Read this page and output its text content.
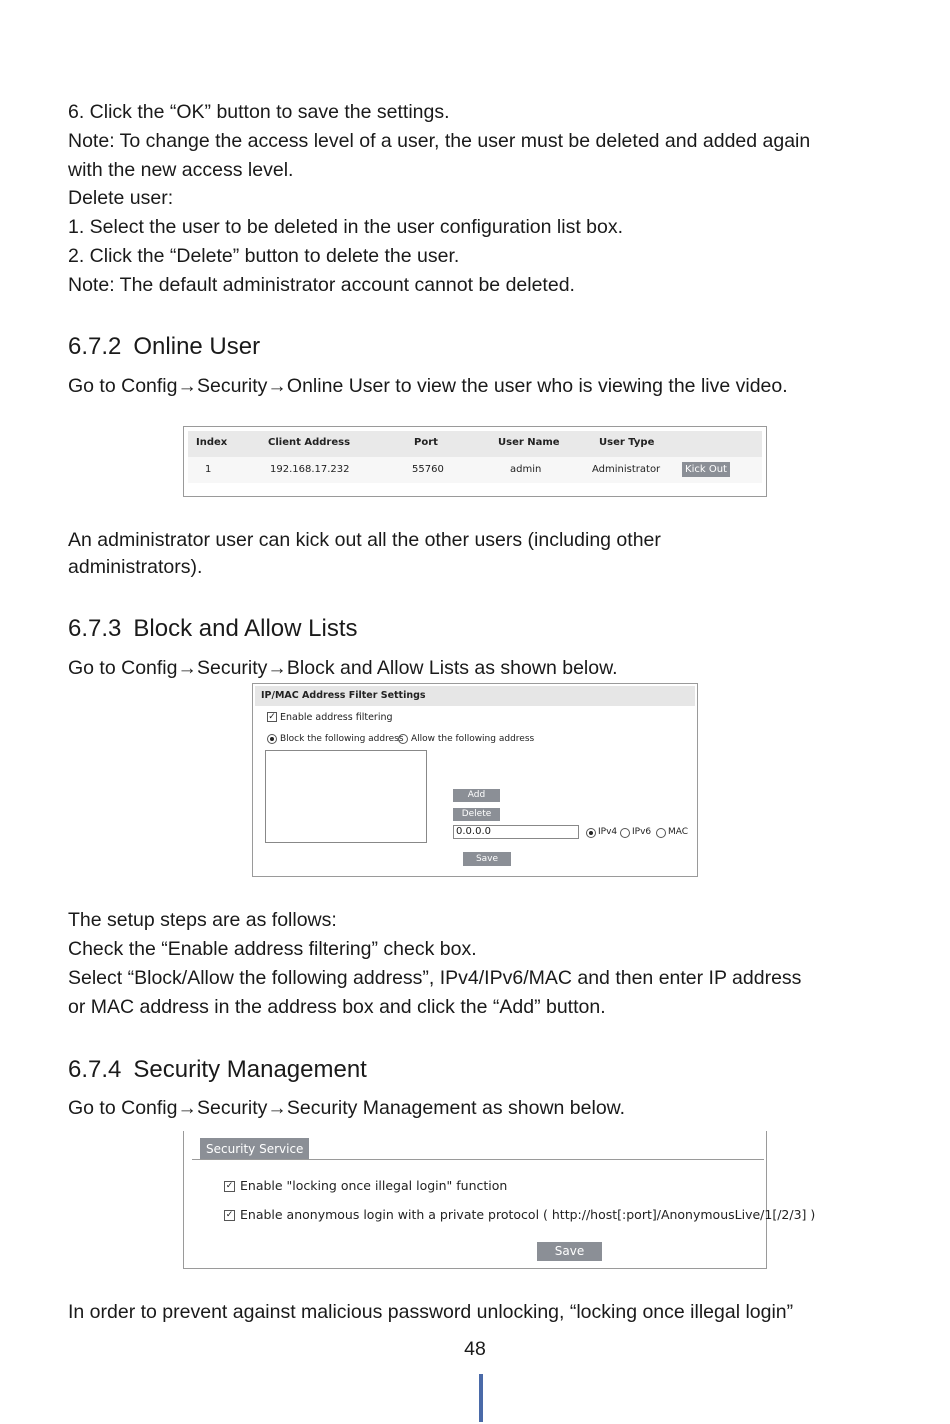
6. Click the “OK” button to save the settings.

Note: To change the access level of a user, the user must be deleted and added again

with the new access level.

Delete user:

1. Select the user to be deleted in the user configuration list box.

2. Click the “Delete” button to delete the user.

Note: The default administrator account cannot be deleted.

6.7.2 Online User

Go to Config→Security→Online User to view the user who is viewing the live video.

Index	Client Address	Port	User Name	User Type
1	192.168.17.232	55760	admin	Administrator	Kick Out

An administrator user can kick out all the other users (including other

administrators).

6.7.3 Block and Allow Lists

Go to Config→Security→Block and Allow Lists as shown below.

IP/MAC Address Filter Settings
✓ Enable address filtering
Block the following address Allow the following address
Add
Delete
0.0.0.0	IPv4 IPv6 MAC
Save

The setup steps are as follows:

Check the “Enable address filtering” check box.

Select “Block/Allow the following address”, IPv4/IPv6/MAC and then enter IP address

or MAC address in the address box and click the “Add” button.

6.7.4 Security Management

Go to Config→Security→Security Management as shown below.

Security Service
✓ Enable "locking once illegal login" function
✓ Enable anonymous login with a private protocol ( http://host[:port]/AnonymousLive/1[/2/3] )
Save

In order to prevent against malicious password unlocking, “locking once illegal login”

48
